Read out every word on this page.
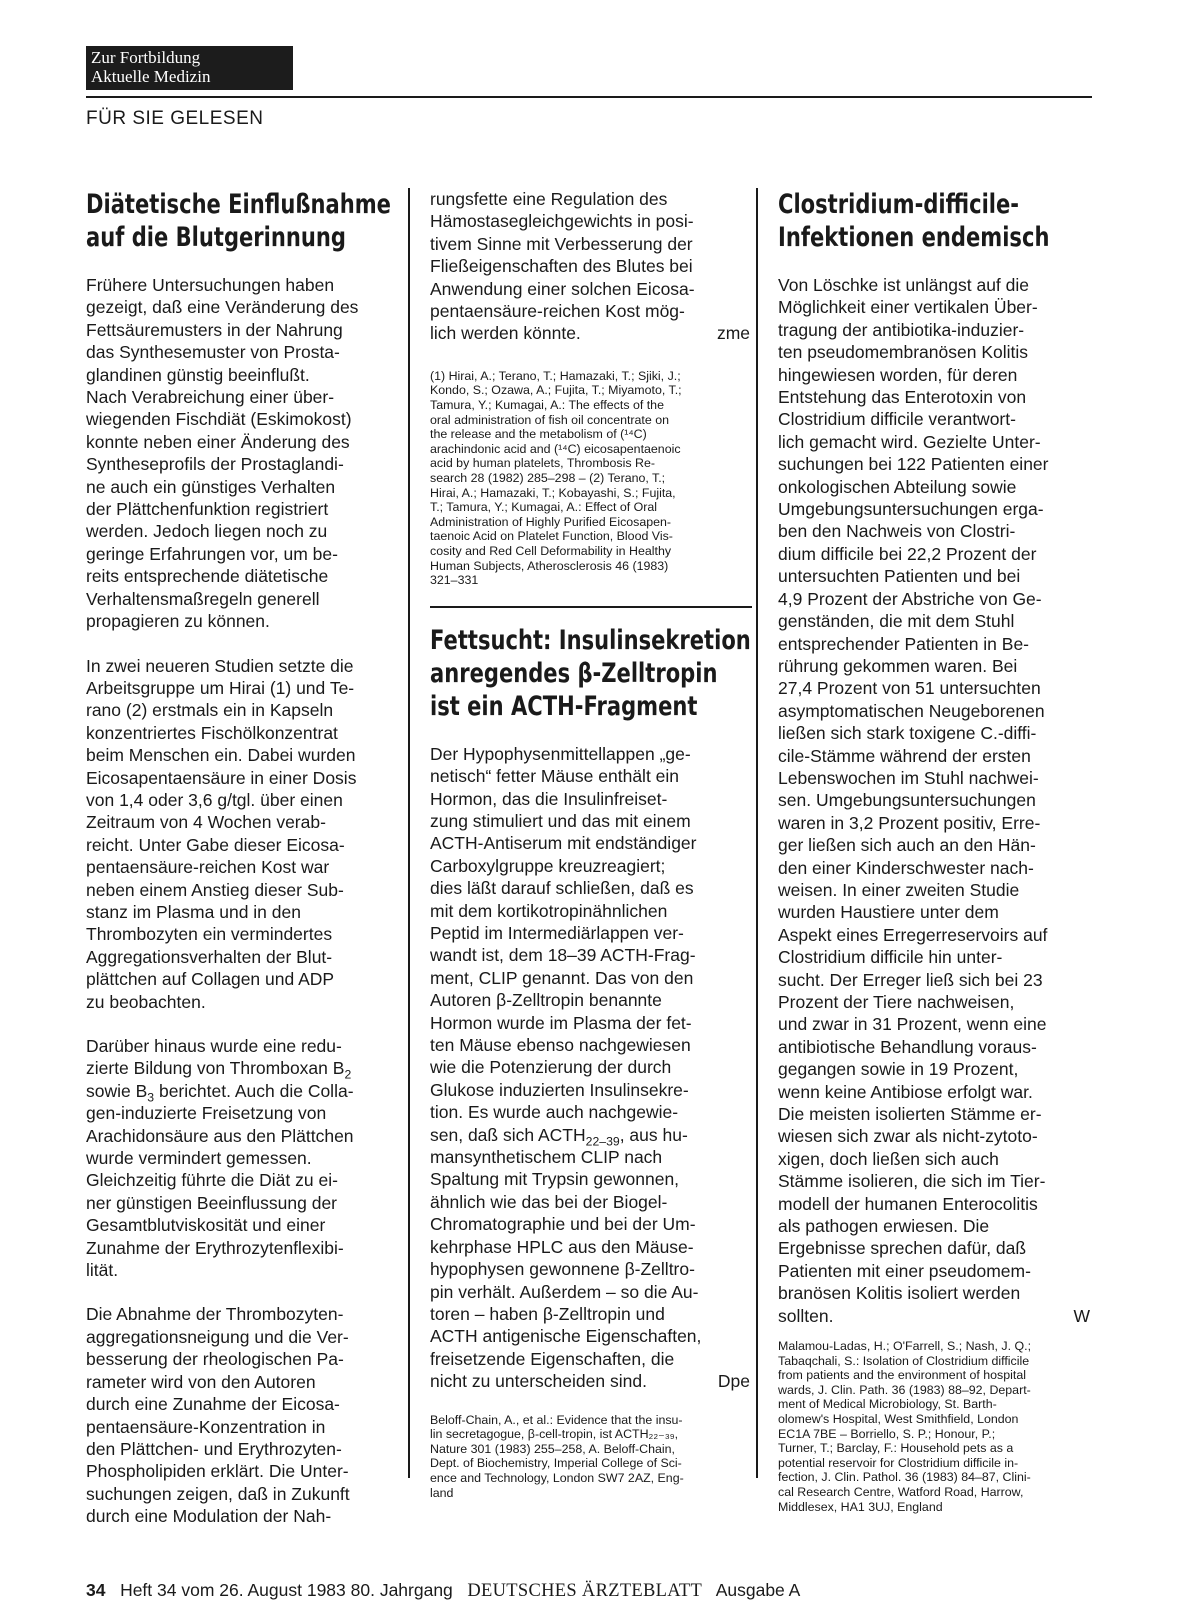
Zur Fortbildung
Aktuelle Medizin
FÜR SIE GELESEN
Diätetische Einflußnahme
auf die Blutgerinnung

Frühere Untersuchungen haben
gezeigt, daß eine Veränderung des
Fettsäuremusters in der Nahrung
das Synthesemuster von Prosta-
glandinen günstig beeinflußt.
Nach Verabreichung einer über-
wiegenden Fischdiät (Eskimokost)
konnte neben einer Änderung des
Syntheseprofils der Prostaglandi-
ne auch ein günstiges Verhalten
der Plättchenfunktion registriert
werden. Jedoch liegen noch zu
geringe Erfahrungen vor, um be-
reits entsprechende diätetische
Verhaltensmaßregeln generell
propagieren zu können.

In zwei neueren Studien setzte die
Arbeitsgruppe um Hirai (1) und Te-
rano (2) erstmals ein in Kapseln
konzentriertes Fischölkonzentrat
beim Menschen ein. Dabei wurden
Eicosapentaensäure in einer Dosis
von 1,4 oder 3,6 g/tgl. über einen
Zeitraum von 4 Wochen verab-
reicht. Unter Gabe dieser Eicosa-
pentaensäure-reichen Kost war
neben einem Anstieg dieser Sub-
stanz im Plasma und in den
Thrombozyten ein vermindertes
Aggregationsverhalten der Blut-
plättchen auf Collagen und ADP
zu beobachten.

Darüber hinaus wurde eine redu-
zierte Bildung von Thromboxan $B_2$
sowie $B_3$ berichtet. Auch die Colla-
gen-induzierte Freisetzung von
Arachidonsäure aus den Plättchen
wurde vermindert gemessen.
Gleichzeitig führte die Diät zu ei-
ner günstigen Beeinflussung der
Gesamtblutviskosität und einer
Zunahme der Erythrozytenflexibi-
lität.

Die Abnahme der Thrombozyten-
aggregationsneigung und die Ver-
besserung der rheologischen Pa-
rameter wird von den Autoren
durch eine Zunahme der Eicosa-
pentaensäure-Konzentration in
den Plättchen- und Erythrozyten-
Phospholipiden erklärt. Die Unter-
suchungen zeigen, daß in Zukunft
durch eine Modulation der Nah-

rungsfette eine Regulation des
Hämostasegleichgewichts in posi-
tivem Sinne mit Verbesserung der
Fließeigenschaften des Blutes bei
Anwendung einer solchen Eicosa-
pentaensäure-reichen Kost mög-
lich werden könnte.	zme

(1) Hirai, A.; Terano, T.; Hamazaki, T.; Sjiki, J.;
Kondo, S.; Ozawa, A.; Fujita, T.; Miyamoto, T.;
Tamura, Y.; Kumagai, A.: The effects of the
oral administration of fish oil concentrate on
the release and the metabolism of (¹⁴C)
arachindonic acid and (¹⁴C) eicosapentaenoic
acid by human platelets, Thrombosis Re-
search 28 (1982) 285–298 – (2) Terano, T.;
Hirai, A.; Hamazaki, T.; Kobayashi, S.; Fujita,
T.; Tamura, Y.; Kumagai, A.: Effect of Oral
Administration of Highly Purified Eicosapen-
taenoic Acid on Platelet Function, Blood Vis-
cosity and Red Cell Deformability in Healthy
Human Subjects, Atherosclerosis 46 (1983)
321–331

Fettsucht: Insulinsekretion
anregendes β-Zelltropin
ist ein ACTH-Fragment

Der Hypophysenmittellappen „ge-
netisch“ fetter Mäuse enthält ein
Hormon, das die Insulinfreiset-
zung stimuliert und das mit einem
ACTH-Antiserum mit endständiger
Carboxylgruppe kreuzreagiert;
dies läßt darauf schließen, daß es
mit dem kortikotropinähnlichen
Peptid im Intermediärlappen ver-
wandt ist, dem 18–39 ACTH-Frag-
ment, CLIP genannt. Das von den
Autoren β-Zelltropin benannte
Hormon wurde im Plasma der fet-
ten Mäuse ebenso nachgewiesen
wie die Potenzierung der durch
Glukose induzierten Insulinsekre-
tion. Es wurde auch nachgewie-
sen, daß sich $ACTH_{22-39}$, aus hu-
mansynthetischem CLIP nach
Spaltung mit Trypsin gewonnen,
ähnlich wie das bei der Biogel-
Chromatographie und bei der Um-
kehrphase HPLC aus den Mäuse-
hypophysen gewonnene β-Zelltro-
pin verhält. Außerdem – so die Au-
toren – haben β-Zelltropin und
ACTH antigenische Eigenschaften,
freisetzende Eigenschaften, die
nicht zu unterscheiden sind.	Dpe

Beloff-Chain, A., et al.: Evidence that the insu-
lin secretagogue, β-cell-tropin, ist ACTH₂₂₋₃₉,
Nature 301 (1983) 255–258, A. Beloff-Chain,
Dept. of Biochemistry, Imperial College of Sci-
ence and Technology, London SW7 2AZ, Eng-
land

Clostridium-difficile-
Infektionen endemisch

Von Löschke ist unlängst auf die
Möglichkeit einer vertikalen Über-
tragung der antibiotika-induzier-
ten pseudomembranösen Kolitis
hingewiesen worden, für deren
Entstehung das Enterotoxin von
Clostridium difficile verantwort-
lich gemacht wird. Gezielte Unter-
suchungen bei 122 Patienten einer
onkologischen Abteilung sowie
Umgebungsuntersuchungen erga-
ben den Nachweis von Clostri-
dium difficile bei 22,2 Prozent der
untersuchten Patienten und bei
4,9 Prozent der Abstriche von Ge-
genständen, die mit dem Stuhl
entsprechender Patienten in Be-
rührung gekommen waren. Bei
27,4 Prozent von 51 untersuchten
asymptomatischen Neugeborenen
ließen sich stark toxigene C.-diffi-
cile-Stämme während der ersten
Lebenswochen im Stuhl nachwei-
sen. Umgebungsuntersuchungen
waren in 3,2 Prozent positiv, Erre-
ger ließen sich auch an den Hän-
den einer Kinderschwester nach-
weisen. In einer zweiten Studie
wurden Haustiere unter dem
Aspekt eines Erregerreservoirs auf
Clostridium difficile hin unter-
sucht. Der Erreger ließ sich bei 23
Prozent der Tiere nachweisen,
und zwar in 31 Prozent, wenn eine
antibiotische Behandlung voraus-
gegangen sowie in 19 Prozent,
wenn keine Antibiose erfolgt war.
Die meisten isolierten Stämme er-
wiesen sich zwar als nicht-zytoto-
xigen, doch ließen sich auch
Stämme isolieren, die sich im Tier-
modell der humanen Enterocolitis
als pathogen erwiesen. Die
Ergebnisse sprechen dafür, daß
Patienten mit einer pseudomem-
branösen Kolitis isoliert werden
sollten.	W

Malamou-Ladas, H.; O'Farrell, S.; Nash, J. Q.;
Tabaqchali, S.: Isolation of Clostridium difficile
from patients and the environment of hospital
wards, J. Clin. Path. 36 (1983) 88–92, Depart-
ment of Medical Microbiology, St. Barth-
olomew's Hospital, West Smithfield, London
EC1A 7BE – Borriello, S. P.; Honour, P.;
Turner, T.; Barclay, F.: Household pets as a
potential reservoir for Clostridium difficile in-
fection, J. Clin. Pathol. 36 (1983) 84–87, Clini-
cal Research Centre, Watford Road, Harrow,
Middlesex, HA1 3UJ, England

34 Heft 34 vom 26. August 1983 80. Jahrgang DEUTSCHES ÄRZTEBLATT Ausgabe A
